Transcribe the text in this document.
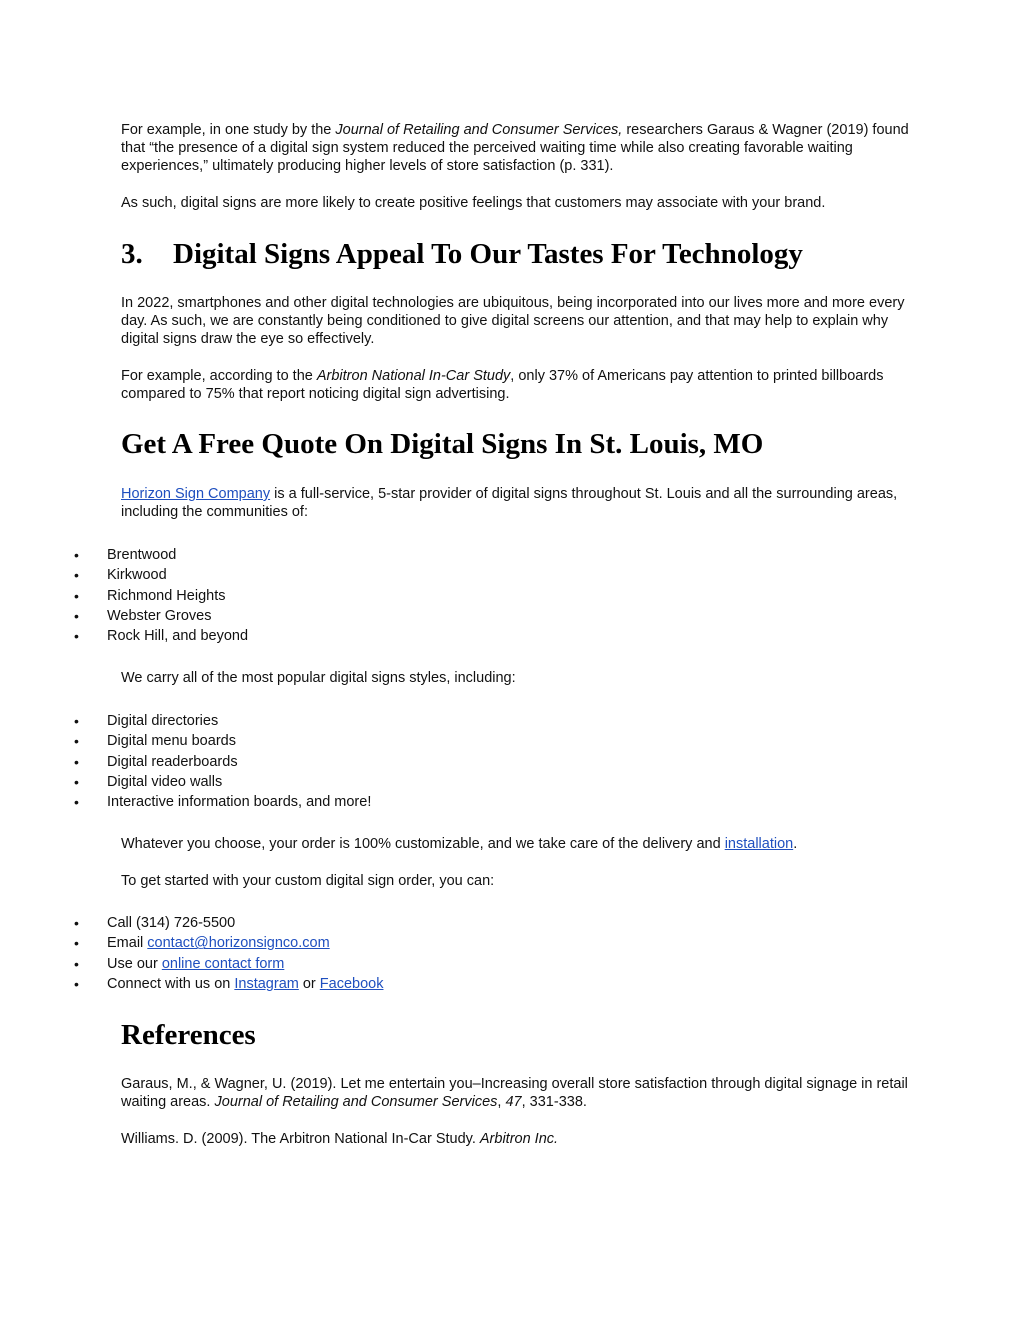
For example, in one study by the Journal of Retailing and Consumer Services, researchers Garaus & Wagner (2019) found that “the presence of a digital sign system reduced the perceived waiting time while also creating favorable waiting experiences,” ultimately producing higher levels of store satisfaction (p. 331).

As such, digital signs are more likely to create positive feelings that customers may associate with your brand.

3. Digital Signs Appeal To Our Tastes For Technology

In 2022, smartphones and other digital technologies are ubiquitous, being incorporated into our lives more and more every day. As such, we are constantly being conditioned to give digital screens our attention, and that may help to explain why digital signs draw the eye so effectively.

For example, according to the Arbitron National In-Car Study, only 37% of Americans pay attention to printed billboards compared to 75% that report noticing digital sign advertising.

Get A Free Quote On Digital Signs In St. Louis, MO

Horizon Sign Company is a full-service, 5-star provider of digital signs throughout St. Louis and all the surrounding areas, including the communities of:

• Brentwood
• Kirkwood
• Richmond Heights
• Webster Groves
• Rock Hill, and beyond

We carry all of the most popular digital signs styles, including:

• Digital directories
• Digital menu boards
• Digital readerboards
• Digital video walls
• Interactive information boards, and more!

Whatever you choose, your order is 100% customizable, and we take care of the delivery and installation.

To get started with your custom digital sign order, you can:

• Call (314) 726-5500
• Email contact@horizonsignco.com
• Use our online contact form
• Connect with us on Instagram or Facebook
References

Garaus, M., & Wagner, U. (2019). Let me entertain you–Increasing overall store satisfaction through digital signage in retail waiting areas. Journal of Retailing and Consumer Services, 47, 331-338.

Williams. D. (2009). The Arbitron National In-Car Study. Arbitron Inc.
